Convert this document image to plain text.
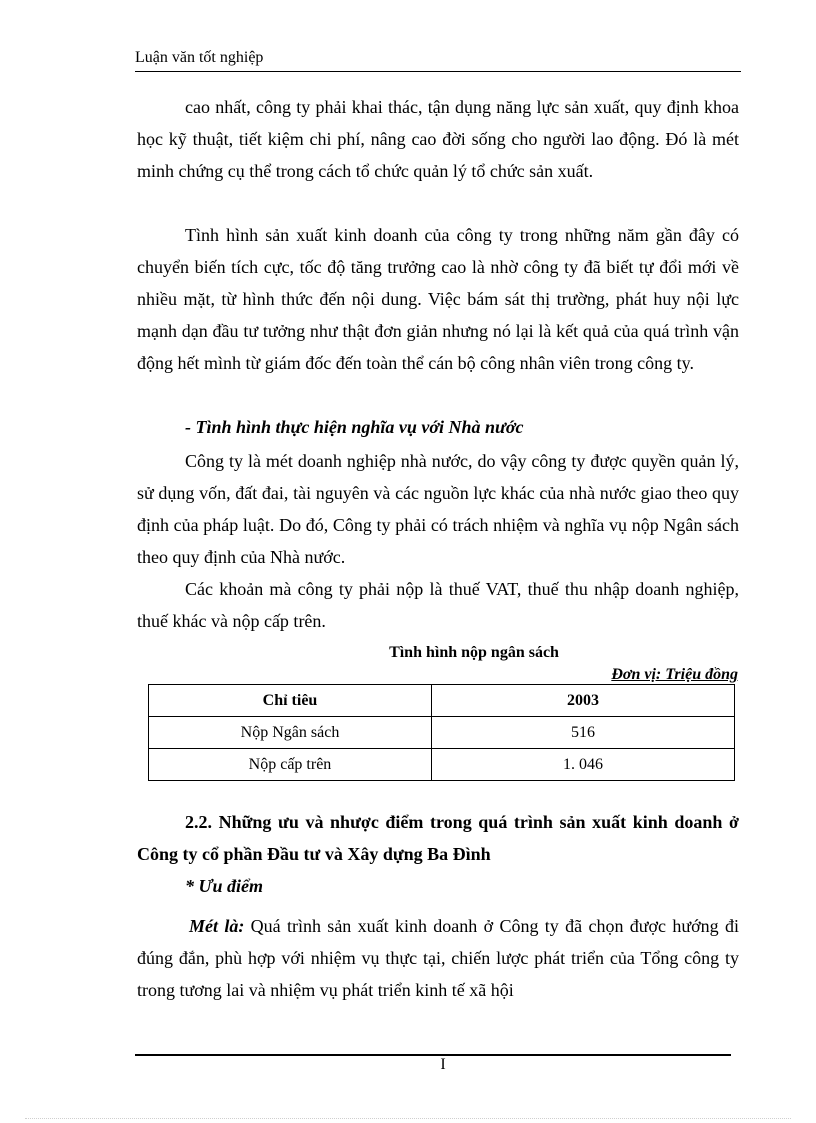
Luận văn tốt nghiệp
cao nhất, công ty phải khai thác, tận dụng năng lực sản xuất, quy định khoa học kỹ thuật, tiết kiệm chi phí, nâng cao đời sống cho người lao động. Đó là mét minh chứng cụ thể trong cách tổ chức quản lý tổ chức sản xuất.
Tình hình sản xuất kinh doanh của công ty trong những năm gần đây có chuyển biến tích cực, tốc độ tăng trưởng cao là nhờ công ty đã biết tự đổi mới về nhiều mặt, từ hình thức đến nội dung. Việc bám sát thị trường, phát huy nội lực mạnh dạn đầu tư tưởng như thật đơn giản nhưng nó lại là kết quả của quá trình vận động hết mình từ giám đốc đến toàn thể cán bộ công nhân viên trong công ty.
- Tình hình thực hiện nghĩa vụ với Nhà nước
Công ty là mét doanh nghiệp nhà nước, do vậy công ty được quyền quản lý, sử dụng vốn, đất đai, tài nguyên và các nguồn lực khác của nhà nước giao theo quy định của pháp luật. Do đó, Công ty phải có trách nhiệm và nghĩa vụ nộp Ngân sách theo quy định của Nhà nước.
Các khoản mà công ty phải nộp là thuế VAT, thuế thu nhập doanh nghiệp, thuế khác và nộp cấp trên.
Tình hình nộp ngân sách
Đơn vị: Triệu đồng
Chỉ tiêu	2003
Nộp Ngân sách	516
Nộp cấp trên	1. 046
2.2. Những ưu và nhược điểm trong quá trình sản xuất kinh doanh ở Công ty cổ phần Đầu tư và Xây dựng Ba Đình
* Ưu điểm
Mét là: Quá trình sản xuất kinh doanh ở Công ty đã chọn được hướng đi đúng đắn, phù hợp với nhiệm vụ thực tại, chiến lược phát triển của Tổng công ty trong tương lai và nhiệm vụ phát triển kinh tế xã hội
I
